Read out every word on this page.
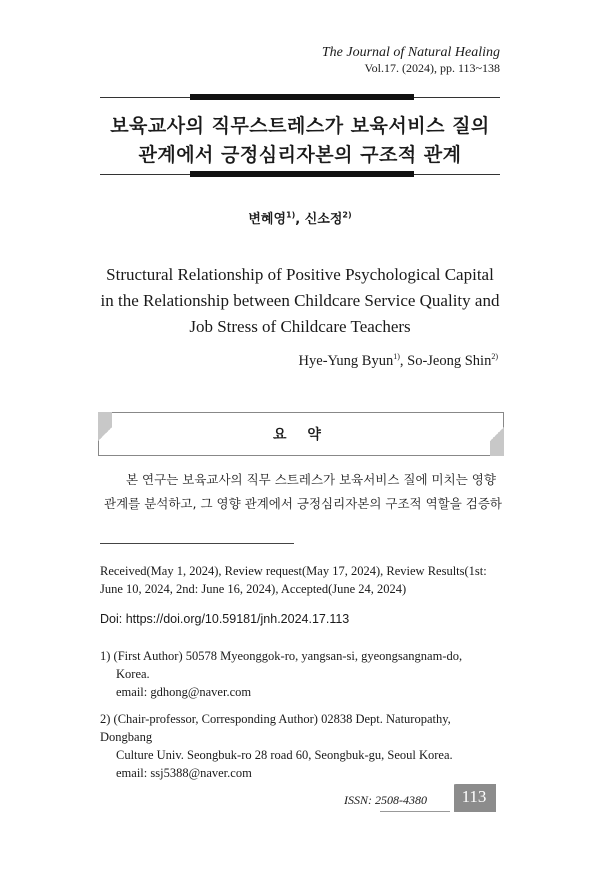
The Journal of Natural Healing
Vol.17. (2024), pp. 113~138
보육교사의 직무스트레스가 보육서비스 질의
관계에서 긍정심리자본의 구조적 관계
변혜영$^{1)}$, 신소정$^{2)}$
Structural Relationship of Positive Psychological Capital
in the Relationship between Childcare Service Quality and
Job Stress of Childcare Teachers
Hye-Yung Byun$^{1)}$, So-Jeong Shin$^{2)}$
요 약
본 연구는 보육교사의 직무 스트레스가 보육서비스 질에 미치는 영향
관계를 분석하고, 그 영향 관계에서 긍정심리자본의 구조적 역할을 검증하
Received(May 1, 2024), Review request(May 17, 2024), Review Results(1st:
June 10, 2024, 2nd: June 16, 2024), Accepted(June 24, 2024)
Doi: https://doi.org/10.59181/jnh.2024.17.113
1) (First Author) 50578 Myeonggok-ro, yangsan-si, gyeongsangnam-do,
Korea.
email: gdhong@naver.com
2) (Chair-professor, Corresponding Author) 02838 Dept. Naturopathy, Dongbang
Culture Univ. Seongbuk-ro 28 road 60, Seongbuk-gu, Seoul Korea.
email: ssj5388@naver.com
ISSN: 2508-4380	113
